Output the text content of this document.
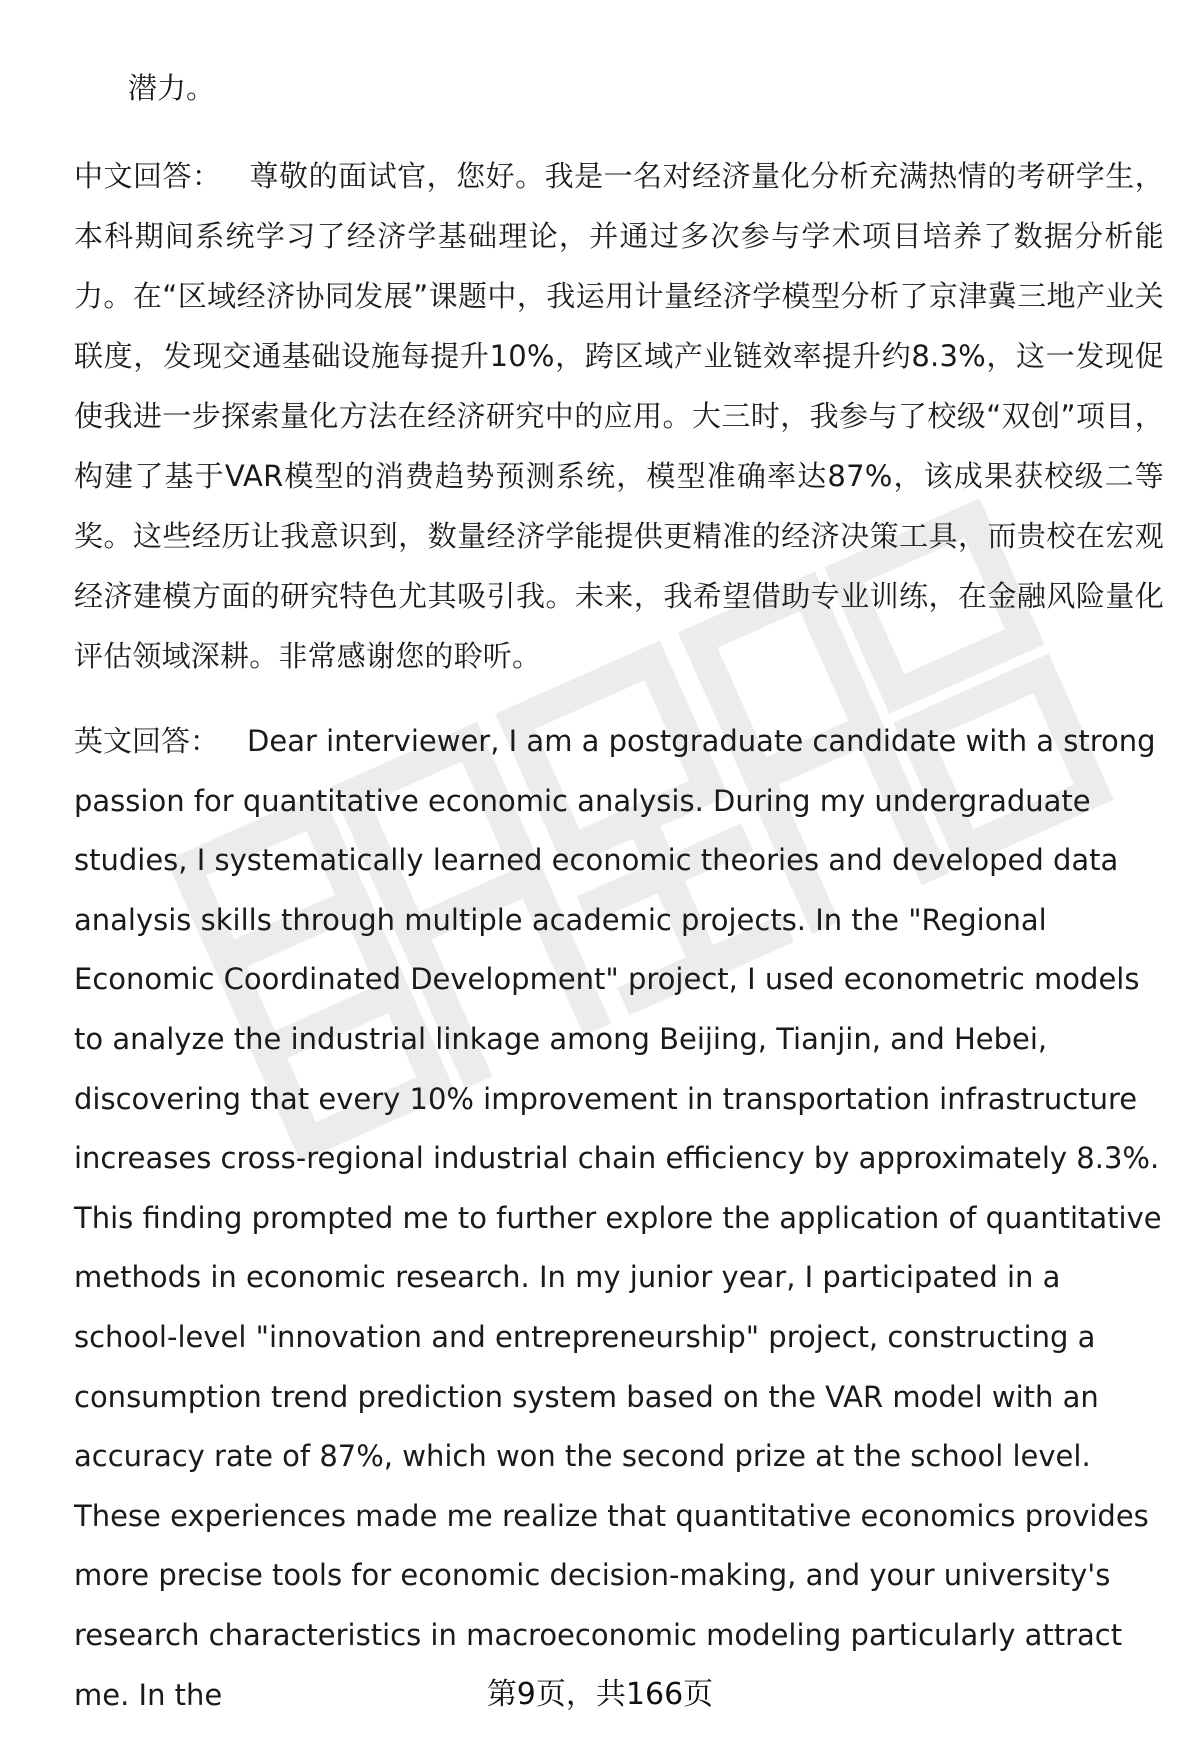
潜力。
中文回答： 尊敬的面试官，您好。我是一名对经济量化分析充满热情的考研学生，本科期间系统学习了经济学基础理论，并通过多次参与学术项目培养了数据分析能力。在“区域经济协同发展”课题中，我运用计量经济学模型分析了京津冀三地产业关联度，发现交通基础设施每提升10%，跨区域产业链效率提升约8.3%，这一发现促使我进一步探索量化方法在经济研究中的应用。大三时，我参与了校级“双创”项目，构建了基于VAR模型的消费趋势预测系统，模型准确率达87%，该成果获校级二等奖。这些经历让我意识到，数量经济学能提供更精准的经济决策工具，而贵校在宏观经济建模方面的研究特色尤其吸引我。未来，我希望借助专业训练，在金融风险量化评估领域深耕。非常感谢您的聆听。
英文回答： Dear interviewer, I am a postgraduate candidate with a strong passion for quantitative economic analysis. During my undergraduate studies, I systematically learned economic theories and developed data analysis skills through multiple academic projects. In the "Regional Economic Coordinated Development" project, I used econometric models to analyze the industrial linkage among Beijing, Tianjin, and Hebei, discovering that every 10% improvement in transportation infrastructure increases cross-regional industrial chain efficiency by approximately 8.3%. This finding prompted me to further explore the application of quantitative methods in economic research. In my junior year, I participated in a school-level "innovation and entrepreneurship" project, constructing a consumption trend prediction system based on the VAR model with an accuracy rate of 87%, which won the second prize at the school level. These experiences made me realize that quantitative economics provides more precise tools for economic decision-making, and your university's research characteristics in macroeconomic modeling particularly attract me. In the	第9页，共166页
